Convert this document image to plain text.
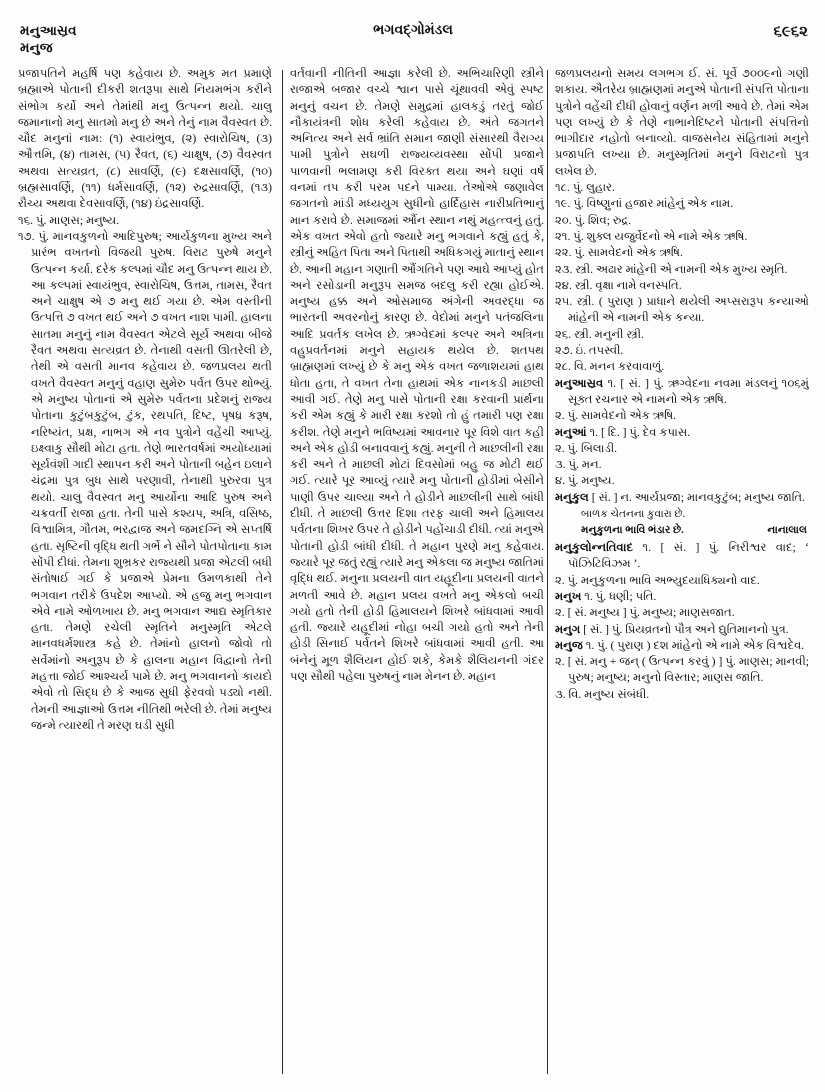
મનુઆસ્રવ
મનુજ
ભગવદ્ગોમંડલ	૬૯૬૨

પ્રજાપતિને મહર્ષિ પણ કહેવાય છે. અમુક મત પ્રમાણે બ્રહ્માએ પોતાની દીકરી શતરૂપા સાથે નિયમભંગ કરીને સંભોગ કર્યો અને તેમાંથી મનુ ઉત્પન્ન થયો. ચાલુ જમાનાનો મનુ સાતમો મનુ છે અને તેનું નામ વૈવસ્વત છે. ચૌદ મનુનાં નામ: (૧) સ્વાયંભુવ, (૨) સ્વારોચિષ, (૩) ઔત્તમિ, (૪) તામસ, (૫) રૈવત, (૬) ચાક્ષુષ, (૭) વૈવસ્વત અથવા સત્યવ્રત, (૮) સાવર્ણિ, (૯) દક્ષસાવર્ણિ, (૧૦) બ્રહ્મસાવર્ણિ, (૧૧) ધર્મસાવર્ણિ, (૧૨) રુદ્રસાવર્ણિ, (૧૩) રૌચ્ય અથવા દેવસાવર્ણિ, (૧૪) ઇંદ્રસાવર્ણિ.

૧૬. પું. માણસ; મનુષ્ય.

૧૭. પું. માનવકુળનો આદિપુરુષ; આર્યકુળના મુખ્ય અને પ્રારંભ વખતનો વિજયી પુરુષ. વિરાટ પુરુષે મનુને ઉત્પન્ન કર્યા. દરેક કલ્પમાં ચૌદ મનુ ઉત્પન્ન થાય છે. આ કલ્પમાં સ્વાયંભુવ, સ્વારોચિષ, ઉત્તમ, તામસ, રૈવત અને ચાક્ષુષ એ ૭ મનુ થઈ ગયા છે. એમ વસ્તીની ઉત્પત્તિ ૭ વખત થઈ અને ૭ વખત નાશ પામી. હાલના સાતમા મનુનું નામ વૈવસ્વત એટલે સૂર્ય અથવા બીજે રૈવત અથવા સત્યવ્રત છે. તેનાથી વસતી ઊતરેલી છે, તેથી એ વસતી માનવ કહેવાય છે. જળપ્રલય થતી વખતે વૈવસ્વત મનુનું વહાણ સુમેરુ પર્વત ઉપર થોભ્યું. એ મનુષ્ય પોતાનાં એ સુમેરુ પર્વતના પ્રદેશનું રાજ્ય પોતાના કુટુંબકુટુંબ, ટુંક, રથપતિ, દિષ્ટ, પૃષધ્ર કરૂષ, નરિષ્યંત, પ્રક્ષ, નાભગ એ નવ પુત્રોને વહેંચી આપ્યું. ઇક્ષ્વાકુ સૌથી મોટા હતા. તેણે ભારતવર્ષમાં અયોધ્યામાં સૂર્યવંશી ગાદી સ્થાપન કરી અને પોતાની બહેન ઇલાને ચંદ્રમા પુત્ર બુધ સાથે પરણાવી, તેનાથી પુરુરવા પુત્ર થયો. ચાલુ વૈવસ્વત મનુ આર્યોના આદિ પુરુષ અને ચક્રવર્તી રાજા હતા. તેની પાસે કશ્યપ, અત્રિ, વસિષ્ઠ, વિશ્વામિત્ર, ગૌતમ, ભરદ્વાજ અને જમદગ્નિ એ સપ્તર્ષિ હતા. સૃષ્ટિની વૃદ્ધિ થતી ગર્ભે ને સૌને પોતપોતાના કામ સોંપી દીધાં. તેમના શુભ્રકર રાજ્યથી પ્રજા એટલી બધી સંતોષાઈ ગઈ કે પ્રજાએ પ્રેમના ઉમળકાથી તેને ભગવાન તરીકે ઉપદેશ આપ્યો. એ હજુ મનુ ભગવાન એવે નામે ઓળખાય છે. મનુ ભગવાન આદ્ય સ્મૃતિકાર હતા. તેમણે રચેલી સ્મૃતિને મનુસ્મૃતિ એટલે માનવધર્મશાસ્ત્ર કહે છે. તેમાંનો હાલનો જોવો તો સર્વેમાંનો અનુરૂપ છે કે હાલના મહાન વિદ્વાનો તેની મહત્તા જોઈ આશ્ચર્ય પામે છે. મનુ ભગવાનનો કાયદો એવો તો સિદ્ધ છે કે આજ સુધી ફેરવવો પડ્યો નથી. તેમની આજ્ઞાઓ ઉત્તમ નીતિથી ભરેલી છે. તેમાં મનુષ્ય જન્મે ત્યારથી તે મરણ ઘડી સુધી

વર્તવાની નીતિની આજ્ઞા કરેલી છે. અભિચારિણી સ્ત્રીને રાજાએ બજાર વચ્ચે શ્વાન પાસે ચૂંથાવવી એવું સ્પષ્ટ મનુનું વચન છે. તેમણે સમુદ્રમાં હાલકડું તરતું જોઈ નૌકાયંત્રની શોધ કરેલી કહેવાય છે. અંતે જગતને અનિત્ય અને સર્વ ભ્રાંતિ સમાન જાણી સંસારથી વૈરાગ્ય પામી પુત્રોને સઘળી રાજ્યવ્યવસ્થા સોંપી પ્રજાને પાળવાની ભલામણ કરી વિરક્ત થયા અને ઘણાં વર્ષ વનમાં તપ કરી પરમ પદને પામ્યા. તેઓએ જણાવેલ જગતનો માંડી મધ્યયુગ સુધીનો હાર્દિહાસ નારીપ્રતિભાનું માન કરાવે છે. સમાજમાં ઔંન સ્થાન નથું મહત્ત્વનું હતું. એક વખત એવો હતો જ્યારે મનુ ભગવાને કહ્યું હતું કે, સ્ત્રીનું અહિત પિતા અને પિતાથી અધિકગયું માતાનું સ્થાન છે. આની મહાન ગણાતી ઔંગતિને પણ આઘે આપ્યું હોત અને રસોડાની મનુરૂપ સમજ બદલુ કરી રહ્યા હોઈએ. મનુષ્ય હક્ક અને ઓસમાજ અંગેની અવરદ્ધા જ ભારતની અવરનોનું કારણ છે. વેદોમાં મનુને પતંજલિના આદિ પ્રવર્તક લખેલ છે. ઋગ્વેદમાં કલ્પર અને અત્રિના વહુપ્રવર્તનમાં મનુને સહાયક થયેલ છે. શતપથ બ્રાહ્મણમાં લખ્યું છે કે મનુ એક વખત જળાશયમાં હાથ ધોતા હતા, તે વખત તેના હાથમાં એક નાનકડી માછલી આવી ગઈ. તેણે મનુ પાસે પોતાની રક્ષા કરવાની પ્રાર્થના કરી એમ કહ્યું કે મારી રક્ષા કરશો તો હું તમારી પણ રક્ષા કરીશ. તેણે મનુને ભવિષ્યમાં આવનાર પૂર વિશે વાત કહી અને એક હોડી બનાવવાનું કહ્યું. મનુની તે માછલીની રક્ષા કરી અને તે માછલી મોટાં દિવસોમાં બહુ જ મોટી થઈ ગઈ. ત્યારે પૂર આવ્યું ત્યારે મનુ પોતાની હોડીમાં બેસીને પાણી ઉપર ચાલ્યા અને તે હોડીને માછલીની સાથે બાંધી દીધી. તે માછલી ઉત્તર દિશા તરફ ચાલી અને હિમાલય પર્વતના શિખર ઉપર તે હોડીને પહોંચાડી દીધી. ત્યાં મનુએ પોતાની હોડી બાંધી દીધી. તે મહાન પુરણે મનુ કહેવાય. જ્યારે પૂર જતું રહ્યું ત્યારે મનુ એકલા જ મનુષ્ય જાતિમાં વૃદ્ધિ થઈ. મનુના પ્રલયની વાત યહૂદીના પ્રલયની વાતને મળતી આવે છે. મહાન પ્રલય વખતે મનુ એકલો બચી ગયો હતો તેની હોડી હિમાલયને શિખરે બાંધવામાં આવી હતી. જ્યારે યહૂદીમાં નોહા બચી ગયો હતો અને તેની હોડી સિનાઈ પર્વતને શિખરે બાંધવામાં આવી હતી. આ બંનેનું મૂળ શૈલિયન હોઈ શકે, કેમકે શૈલિયનની ગંદર પણ સૌથી પહેલા પુરુષનું નામ મેનન છે. મહાન

જળપ્રલયનો સમય લગભગ ઈ. સં. પૂર્વે ૭૦૦૯નો ગણી શકાય. ઐતરેય બ્રાહ્મણમાં મનુએ પોતાની સંપત્તિ પોતાના પુત્રોને વહેંચી દીધી હોવાનું વર્ણન મળી આવે છે. તેમાં એમ પણ લખ્યું છે કે તેણે નાભાનેદિષ્ટને પોતાની સંપત્તિનો ભાગીદાર નહોતો બનાવ્યો. વાજસનેય સંહિતામાં મનુને પ્રજાપતિ લખ્યા છે. મનુસ્મૃતિમાં મનુને વિરાટનો પુત્ર લખેલ છે.

૧૮. પું. લુહાર.

૧૯. પું. વિષ્ણુનાં હજાર માંહેનું એક નામ.

૨૦. પું. શિવ; રુદ્ર.

૨૧. પું. શુક્લ યજુર્વેદનો એ નામે એક ઋષિ.

૨૨. પું. સામવેદનો એક ઋષિ.

૨૩. સ્ત્રી. અઢાર માંહેની એ નામની એક મુખ્ય સ્મૃતિ.

૨૪. સ્ત્રી. વૃક્ષા નામે વનસ્પતિ.

૨૫. સ્ત્રી. ( પુરાણ ) પ્રાધાને થયેલી અપ્સરારૂપ કન્યાઓ માંહેની એ નામની એક કન્યા.

૨૬. સ્ત્રી. મનુની સ્ત્રી.

૨૭. ઇં. તપસ્વી.

૨૮. વિ. મનન કરવાવાળું.

મનુઆસ્રવ ૧. [ સં. ] પું. ઋગ્વેદના નવમા મંડલનું ૧૦૬મું સૂક્ત રચનાર એ નામનો એક ઋષિ.

૨. પું. સામવેદનો એક ઋષિ.

મનુઆં ૧. [ દિ. ] પું. દેવ કપાસ.

૨. પું. બિલાડી.

૩. પું. મન.

૪. પું. મનુષ્ય.

મનુકુલ [ સં. ] ન. આર્યપ્રજા; માનવકુટુંબ; મનુષ્ય જાતિ.

બાળક ચેતનના કુવારા છે.
નાનાલાલ
મનુકુળના ભાવિ ભંડાર છે.

મનુકુલોન્નતિવાદ ૧. [ સં. ] પું. નિરીશ્વર વાદ; ‘ પૉઝિટિવિઝમ ’.

૨. પું. મનુકુળના ભાવિ અભ્યુદયાધિક્યનો વાદ.

મનુખ ૧. પું. ધણી; પતિ.

૨. [ સં. મનુષ્ય ] પું. મનુષ્ય; માણસજાત.

મનુગ [ સં. ] પું. પ્રિયવ્રતનો પૌત્ર અને દ્યુતિમાનનો પુત્ર.

મનુજ ૧. પું. ( પુરાણ ) દશ માંહેનો એ નામે એક વિશ્વદેવ.

૨. [ સં. મનુ + જન્ ( ઉત્પન્ન કરવું ) ] પું. માણસ; માનવી; પુરુષ; મનુષ્ય; મનુનો વિસ્તાર; માણસ જાતિ.

૩. વિ. મનુષ્ય સંબંધી.
